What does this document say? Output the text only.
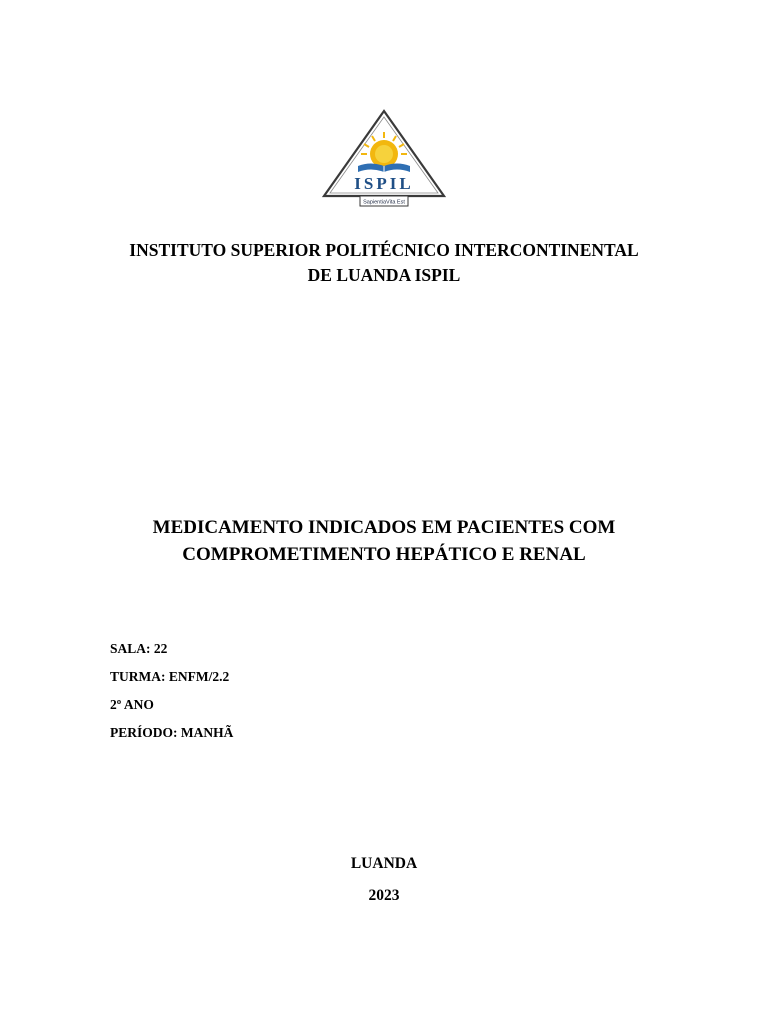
ISPIL
SapientiaVita Est
INSTITUTO SUPERIOR POLITÉCNICO INTERCONTINENTAL
DE LUANDA ISPIL
MEDICAMENTO INDICADOS EM PACIENTES COM
COMPROMETIMENTO HEPÁTICO E RENAL
SALA: 22
TURMA: ENFM/2.2
2º ANO
PERÍODO: MANHÃ
LUANDA
2023
